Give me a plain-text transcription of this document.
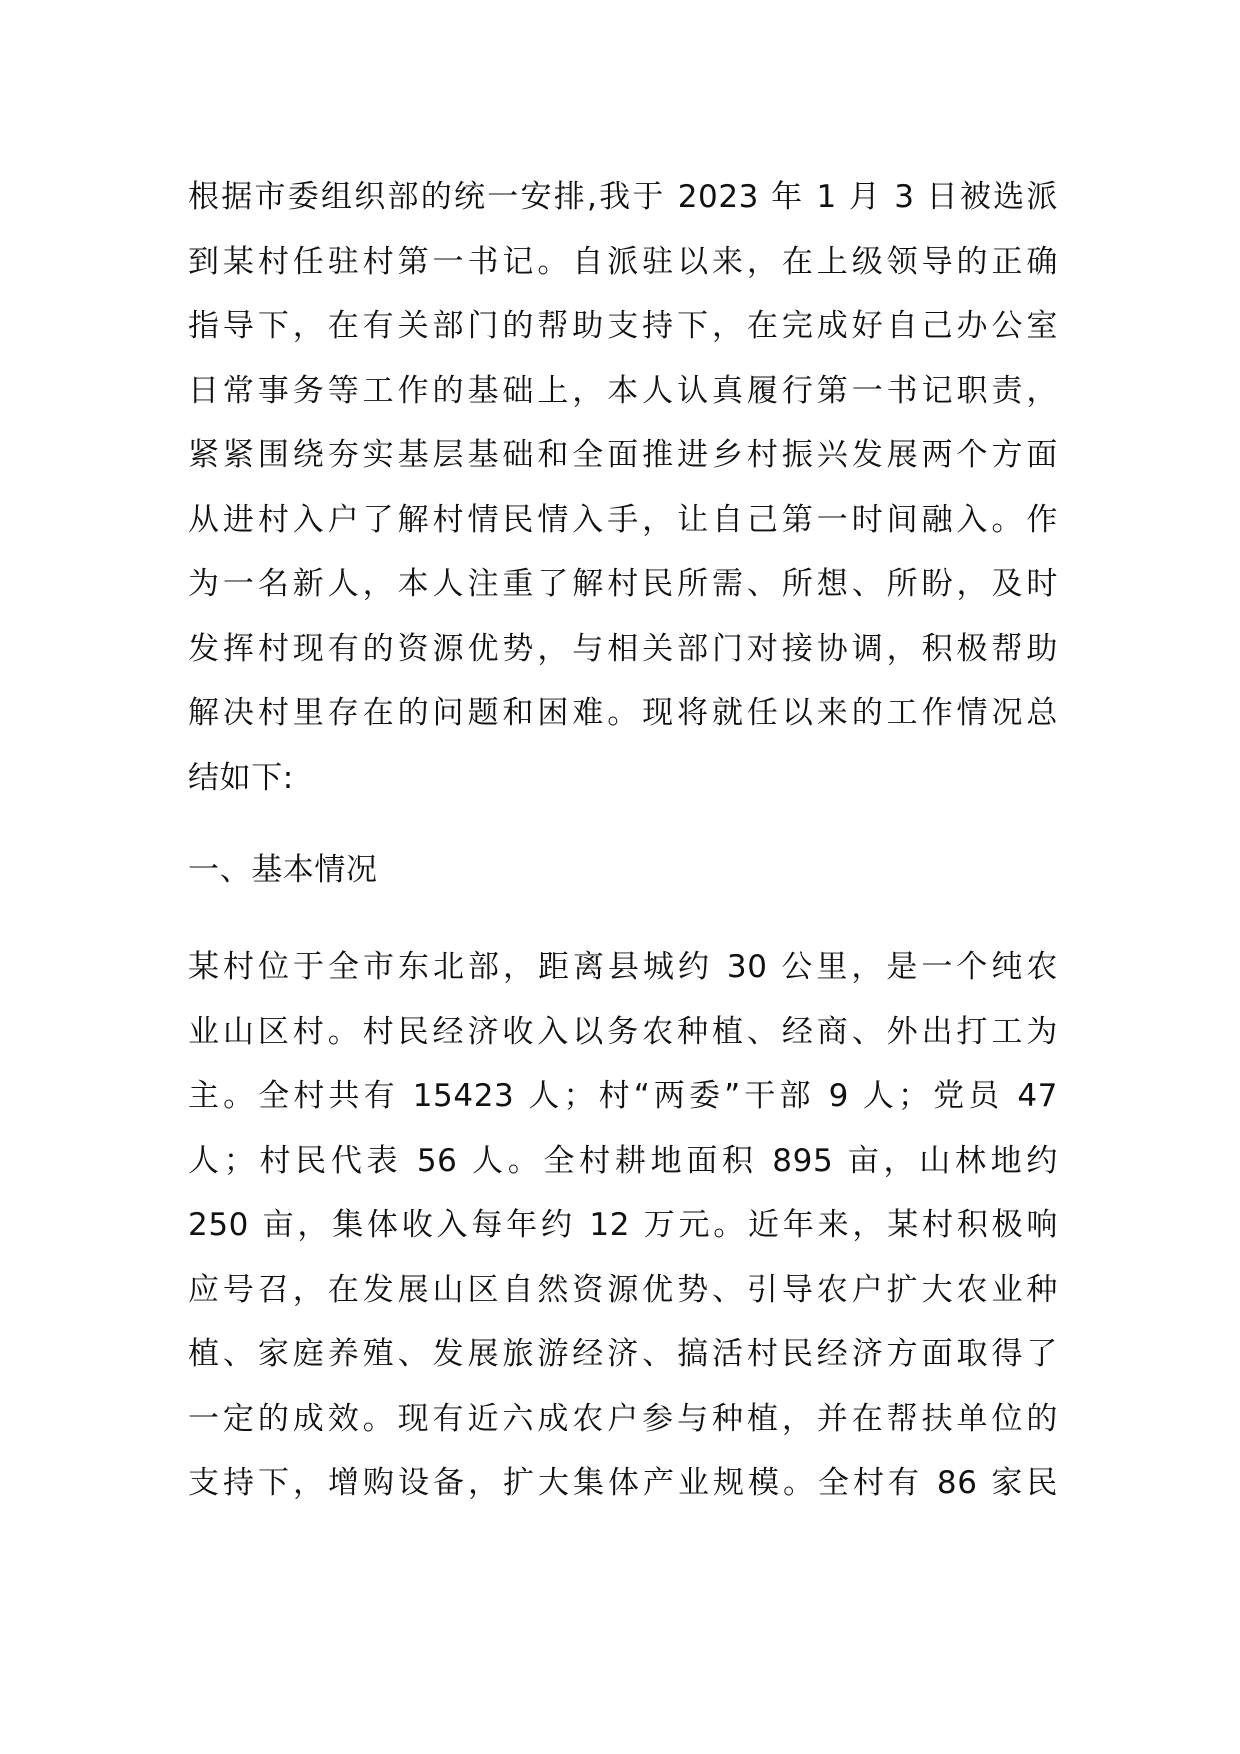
根据市委组织部的统一安排,我于 2023 年 1 月 3 日被选派
到某村任驻村第一书记。自派驻以来，在上级领导的正确
指导下，在有关部门的帮助支持下，在完成好自己办公室
日常事务等工作的基础上，本人认真履行第一书记职责，
紧紧围绕夯实基层基础和全面推进乡村振兴发展两个方面
从进村入户了解村情民情入手，让自己第一时间融入。作
为一名新人，本人注重了解村民所需、所想、所盼，及时
发挥村现有的资源优势，与相关部门对接协调，积极帮助
解决村里存在的问题和困难。现将就任以来的工作情况总
结如下:
一、基本情况
某村位于全市东北部，距离县城约 30 公里，是一个纯农
业山区村。村民经济收入以务农种植、经商、外出打工为
主。全村共有 15423 人；村“两委”干部 9 人；党员 47
人；村民代表 56 人。全村耕地面积 895 亩，山林地约
250 亩，集体收入每年约 12 万元。近年来，某村积极响
应号召，在发展山区自然资源优势、引导农户扩大农业种
植、家庭养殖、发展旅游经济、搞活村民经济方面取得了
一定的成效。现有近六成农户参与种植，并在帮扶单位的
支持下，增购设备，扩大集体产业规模。全村有 86 家民
